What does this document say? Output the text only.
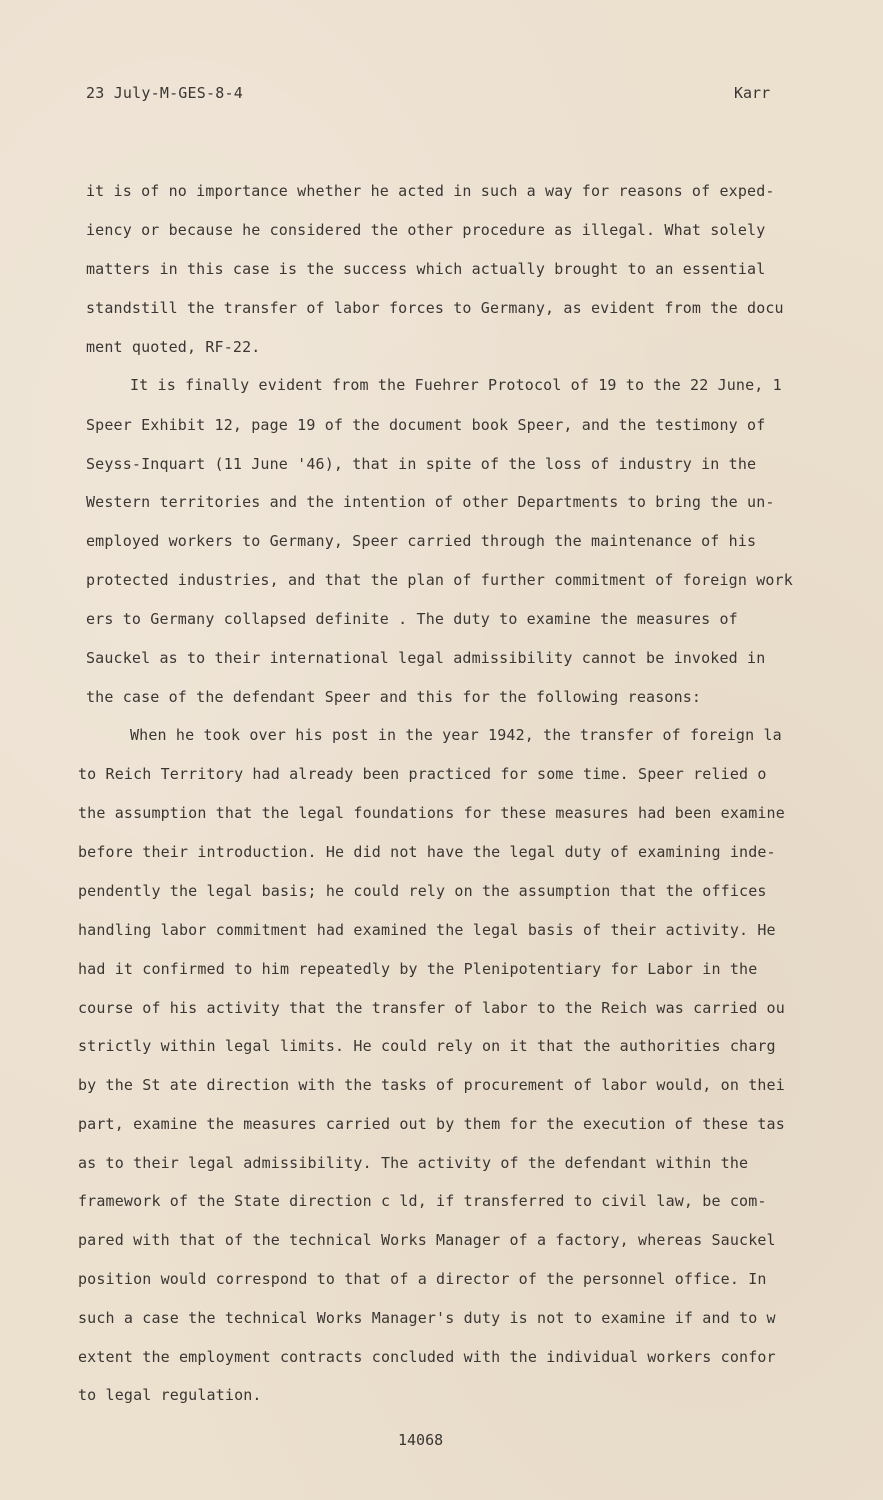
23 July-M-GES-8-4	Karr
it is of no importance whether he acted in such a way for reasons of exped-
iency or because he considered the other procedure as illegal. What solely
matters in this case is the success which actually brought to an essential
standstill the transfer of labor forces to Germany, as evident from the docu
ment quoted, RF-22.
It is finally evident from the Fuehrer Protocol of 19 to the 22 June, 1
Speer Exhibit 12, page 19 of the document book Speer, and the testimony of
Seyss-Inquart (11 June '46), that in spite of the loss of industry in the
Western territories and the intention of other Departments to bring the un-
employed workers to Germany, Speer carried through the maintenance of his
protected industries, and that the plan of further commitment of foreign work
ers to Germany collapsed definite . The duty to examine the measures of
Sauckel as to their international legal admissibility cannot be invoked in
the case of the defendant Speer and this for the following reasons:
When he took over his post in the year 1942, the transfer of foreign la
to Reich Territory had already been practiced for some time. Speer relied o
the assumption that the legal foundations for these measures had been examine
before their introduction. He did not have the legal duty of examining inde-
pendently the legal basis; he could rely on the assumption that the offices
handling labor commitment had examined the legal basis of their activity. He
had it confirmed to him repeatedly by the Plenipotentiary for Labor in the
course of his activity that the transfer of labor to the Reich was carried ou
strictly within legal limits. He could rely on it that the authorities charg
by the St ate direction with the tasks of procurement of labor would, on thei
part, examine the measures carried out by them for the execution of these tas
as to their legal admissibility. The activity of the defendant within the
framework of the State direction c ld, if transferred to civil law, be com-
pared with that of the technical Works Manager of a factory, whereas Sauckel
position would correspond to that of a director of the personnel office. In
such a case the technical Works Manager's duty is not to examine if and to w
extent the employment contracts concluded with the individual workers confor
to legal regulation.
14068
